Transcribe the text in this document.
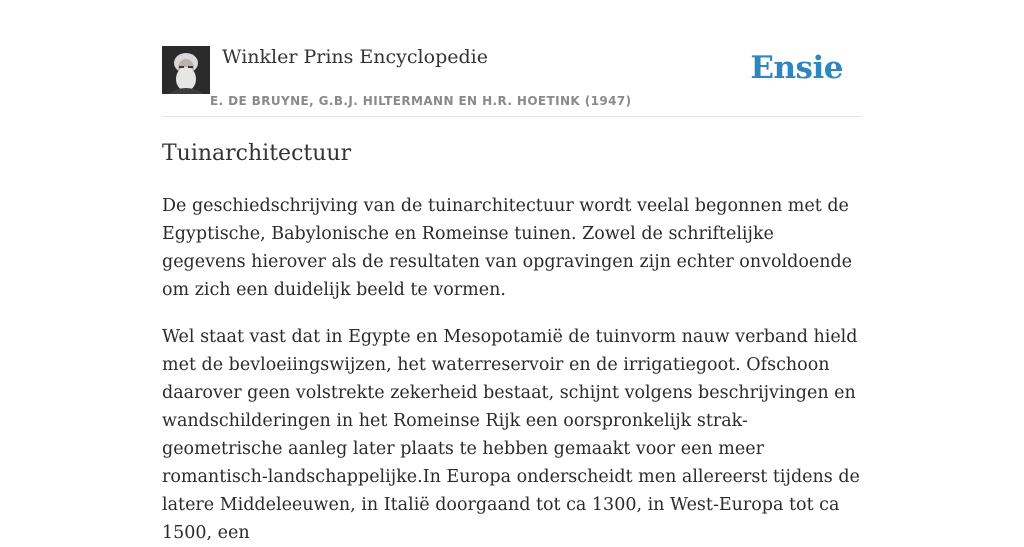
Winkler Prins Encyclopedie
E. DE BRUYNE, G.B.J. HILTERMANN EN H.R. HOETINK (1947)
Ensie
Tuinarchitectuur

De geschiedschrijving van de tuinarchitectuur wordt veelal begonnen met de Egyptische, Babylonische en Romeinse tuinen. Zowel de schriftelijke gegevens hierover als de resultaten van opgravingen zijn echter onvoldoende om zich een duidelijk beeld te vormen.

Wel staat vast dat in Egypte en Mesopotamië de tuinvorm nauw verband hield met de bevloeiingswijzen, het waterreservoir en de irrigatiegoot. Ofschoon daarover geen volstrekte zekerheid bestaat, schijnt volgens beschrijvingen en wandschilderingen in het Romeinse Rijk een oorspronkelijk strak-geometrische aanleg later plaats te hebben gemaakt voor een meer romantisch-landschappelijke.In Europa onderscheidt men allereerst tijdens de latere Middeleeuwen, in Italië doorgaand tot ca 1300, in West-Europa tot ca 1500, een
